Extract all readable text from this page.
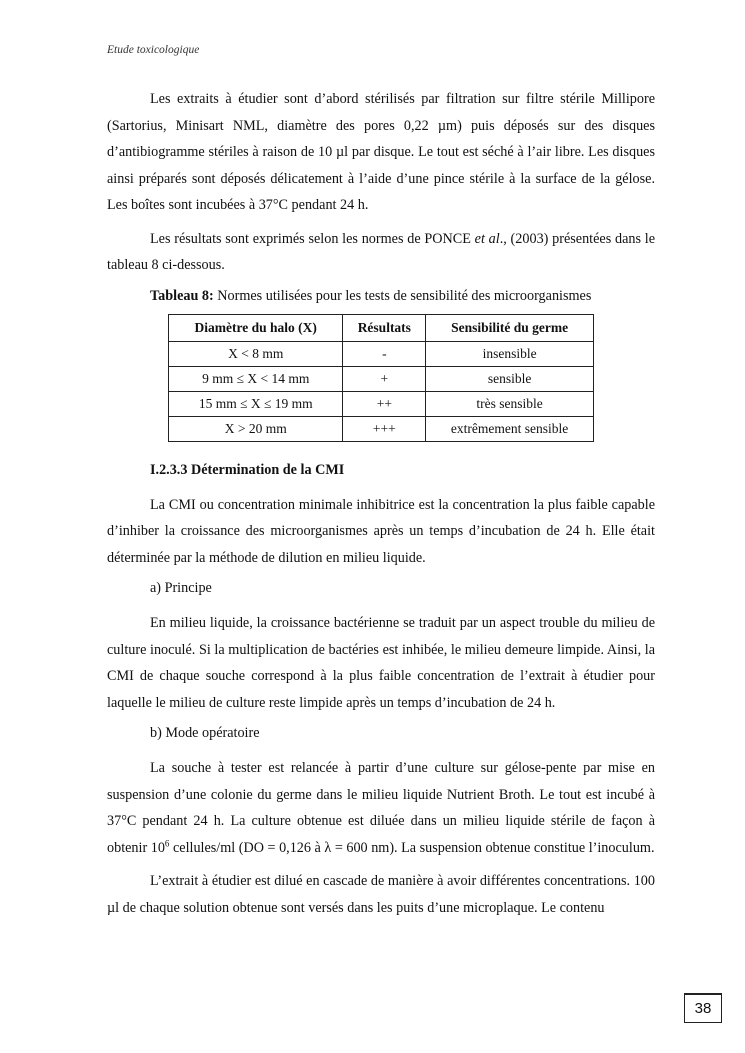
Etude toxicologique

Les extraits à étudier sont d’abord stérilisés par filtration sur filtre stérile Millipore (Sartorius, Minisart NML, diamètre des pores 0,22 µm) puis déposés sur des disques d’antibiogramme stériles à raison de 10 µl par disque. Le tout est séché à l’air libre. Les disques ainsi préparés sont déposés délicatement à l’aide d’une pince stérile à la surface de la gélose. Les boîtes sont incubées à 37°C pendant 24 h.

Les résultats sont exprimés selon les normes de PONCE et al., (2003) présentées dans le tableau 8 ci-dessous.

Tableau 8: Normes utilisées pour les tests de sensibilité des microorganismes
Diamètre du halo (X)	Résultats	Sensibilité du germe
X < 8 mm	-	insensible
9 mm ≤ X < 14 mm	+	sensible
15 mm ≤ X ≤ 19 mm	++	très sensible
X > 20 mm	+++	extrêmement sensible
I.2.3.3 Détermination de la CMI

La CMI ou concentration minimale inhibitrice est la concentration la plus faible capable d’inhiber la croissance des microorganismes après un temps d’incubation de 24 h. Elle était déterminée par la méthode de dilution en milieu liquide.

a) Principe

En milieu liquide, la croissance bactérienne se traduit par un aspect trouble du milieu de culture inoculé. Si la multiplication de bactéries est inhibée, le milieu demeure limpide. Ainsi, la CMI de chaque souche correspond à la plus faible concentration de l’extrait à étudier pour laquelle le milieu de culture reste limpide après un temps d’incubation de 24 h.

b) Mode opératoire

La souche à tester est relancée à partir d’une culture sur gélose-pente par mise en suspension d’une colonie du germe dans le milieu liquide Nutrient Broth. Le tout est incubé à 37°C pendant 24 h. La culture obtenue est diluée dans un milieu liquide stérile de façon à obtenir $10^6$ cellules/ml (DO = 0,126 à λ = 600 nm). La suspension obtenue constitue l’inoculum.

L’extrait à étudier est dilué en cascade de manière à avoir différentes concentrations. 100 µl de chaque solution obtenue sont versés dans les puits d’une microplaque. Le contenu

38
